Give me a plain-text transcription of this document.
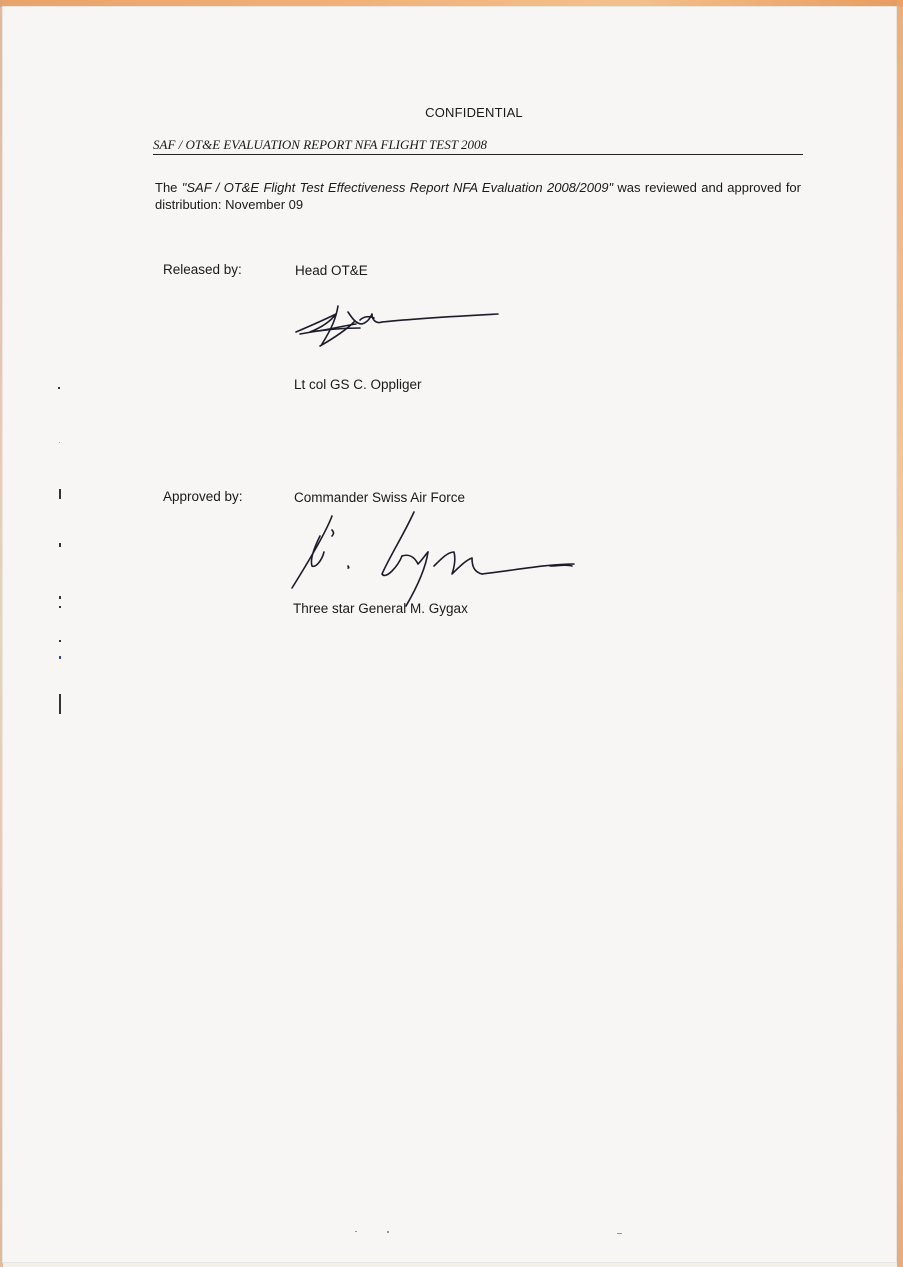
CONFIDENTIAL
SAF / OT&E EVALUATION REPORT NFA FLIGHT TEST 2008
The "SAF / OT&E Flight Test Effectiveness Report NFA Evaluation 2008/2009" was reviewed and approved for distribution: November 09
Released by:	Head OT&E
Lt col GS C. Oppliger
Approved by:	Commander Swiss Air Force
Three star General M. Gygax
